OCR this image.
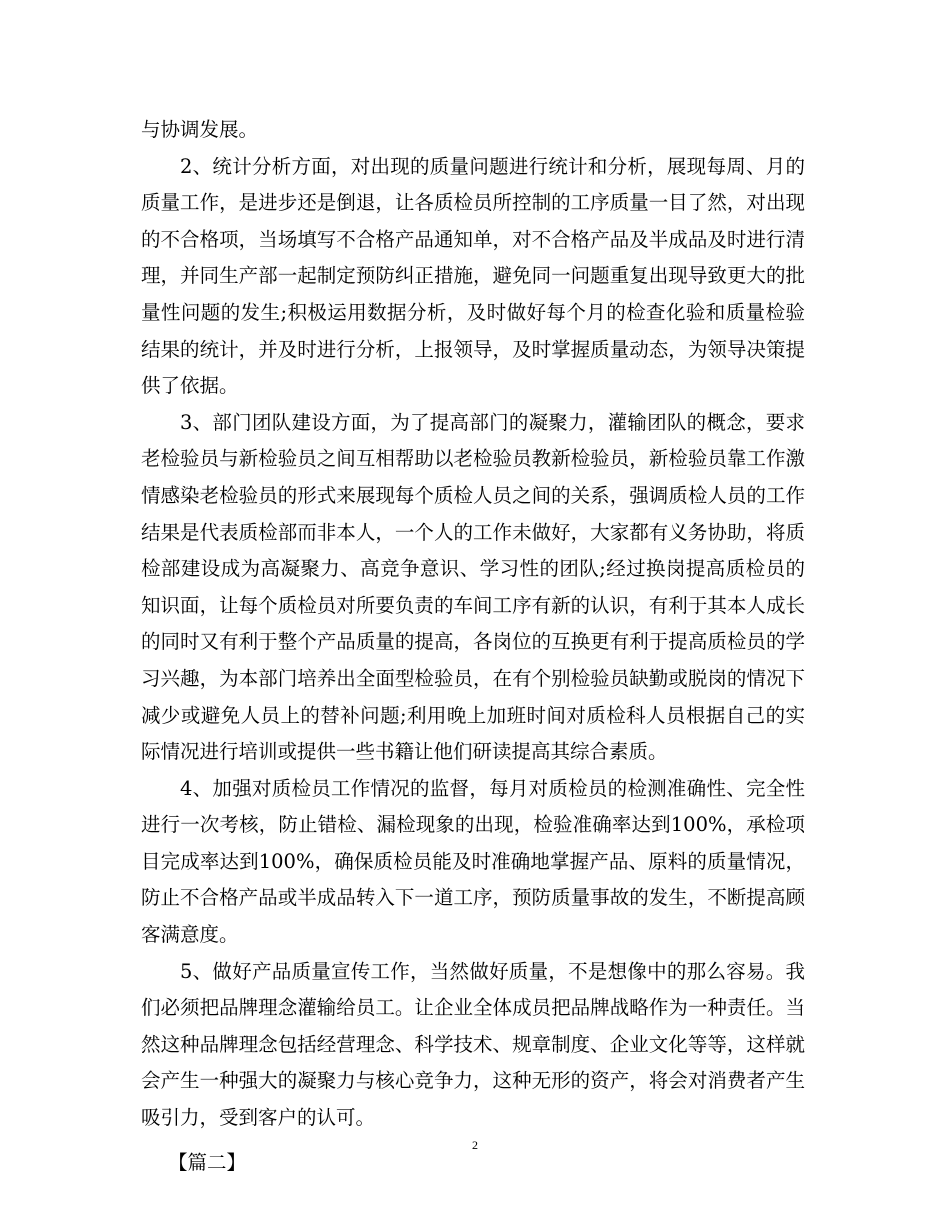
与协调发展。

2、统计分析方面，对出现的质量问题进行统计和分析，展现每周、月的质量工作，是进步还是倒退，让各质检员所控制的工序质量一目了然，对出现的不合格项，当场填写不合格产品通知单，对不合格产品及半成品及时进行清理，并同生产部一起制定预防纠正措施，避免同一问题重复出现导致更大的批量性问题的发生;积极运用数据分析，及时做好每个月的检查化验和质量检验结果的统计，并及时进行分析，上报领导，及时掌握质量动态，为领导决策提供了依据。

3、部门团队建设方面，为了提高部门的凝聚力，灌输团队的概念，要求老检验员与新检验员之间互相帮助以老检验员教新检验员，新检验员靠工作激情感染老检验员的形式来展现每个质检人员之间的关系，强调质检人员的工作结果是代表质检部而非本人，一个人的工作未做好，大家都有义务协助，将质检部建设成为高凝聚力、高竞争意识、学习性的团队;经过换岗提高质检员的知识面，让每个质检员对所要负责的车间工序有新的认识，有利于其本人成长的同时又有利于整个产品质量的提高，各岗位的互换更有利于提高质检员的学习兴趣，为本部门培养出全面型检验员，在有个别检验员缺勤或脱岗的情况下减少或避免人员上的替补问题;利用晚上加班时间对质检科人员根据自己的实际情况进行培训或提供一些书籍让他们研读提高其综合素质。

4、加强对质检员工作情况的监督，每月对质检员的检测准确性、完全性进行一次考核，防止错检、漏检现象的出现，检验准确率达到100%，承检项目完成率达到100%，确保质检员能及时准确地掌握产品、原料的质量情况，防止不合格产品或半成品转入下一道工序，预防质量事故的发生，不断提高顾客满意度。

5、做好产品质量宣传工作，当然做好质量，不是想像中的那么容易。我们必须把品牌理念灌输给员工。让企业全体成员把品牌战略作为一种责任。当然这种品牌理念包括经营理念、科学技术、规章制度、企业文化等等，这样就会产生一种强大的凝聚力与核心竞争力，这种无形的资产，将会对消费者产生吸引力，受到客户的认可。

【篇二】

2
